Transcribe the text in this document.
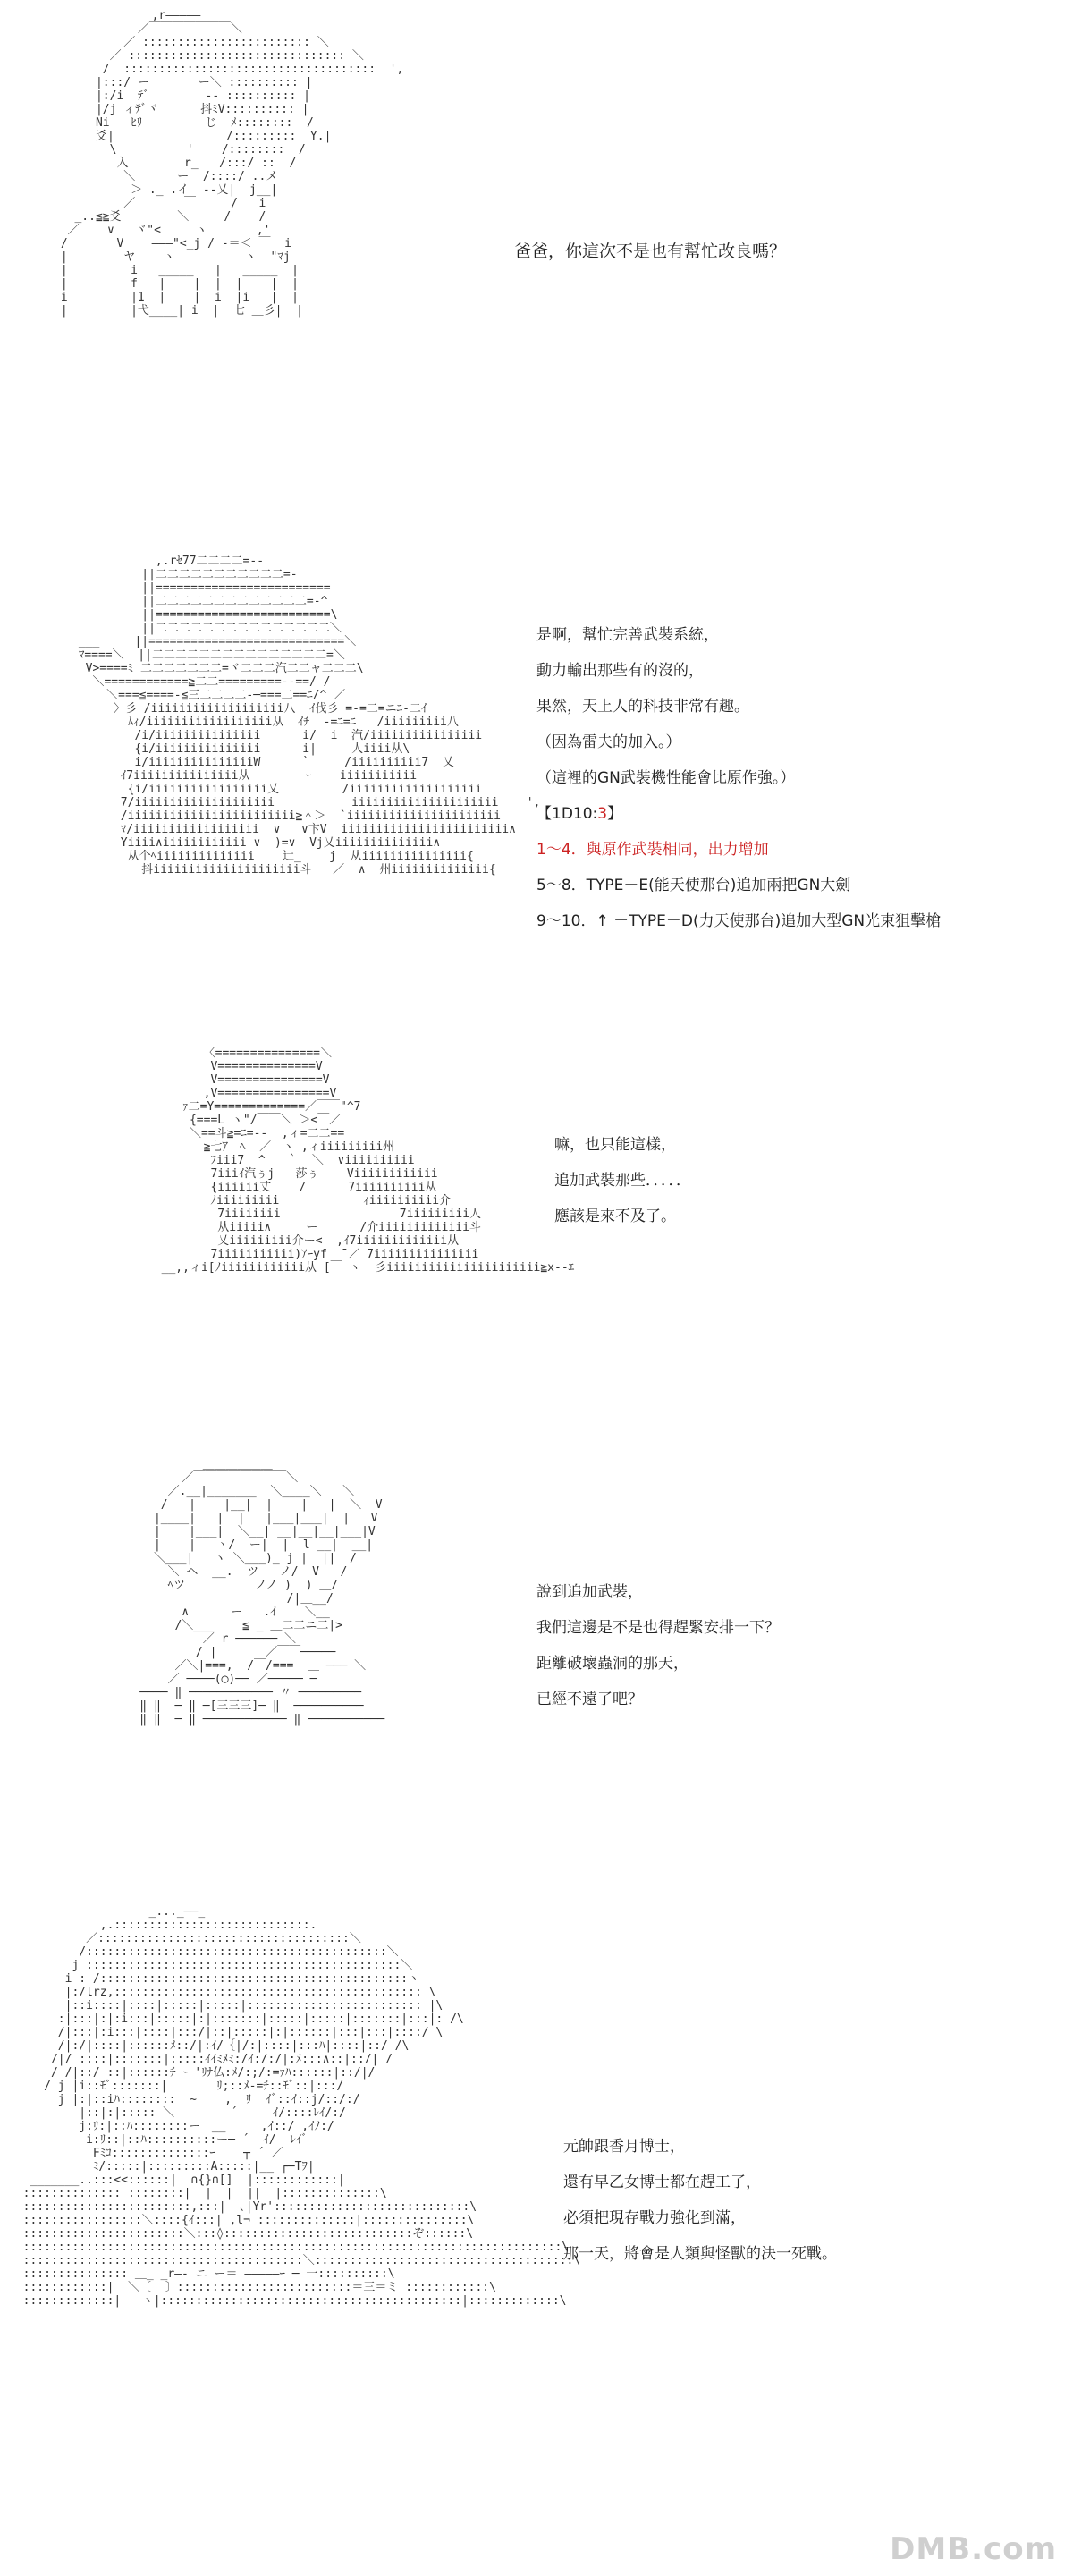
,r―――――
／￣￣￣￣￣￣￣＼
／ :::::::::::::::::::::::: ＼
／ ::::::::::::::::::::::::::::::: ＼
/  ::::::::::::::::::::::::::::::::::::  ',
|:::/ ー       ー＼ :::::::::: |
|:/i  ﾃﾞ        -‐ :::::::::: |
|/j ィﾃﾞヾ      抖ﾐV:::::::::: |
Ni   ﾋﾘ         じ  ﾒ::::::::  /
爻|                /:::::::::  Y.|
\          '    /::::::::  /
入        r_   /:::/ ::  /
＼      ー  /::::/ ..メ
＞ ._ .イ  --乂|  j__|
／       ￣     /   i
_..≦≧爻        ＼     /    /
／    ∨   ヾ"<     ヽ       ,'
/       V    ―――"<_j / ‐＝＜ ￣  i
|        ヤ    ヽ          ヽ  "ﾏj
|         i   _____   |   _____  |
|         f   |    |  |  |    |  |
i         |1  |    |  i  |i   |  |
|         |弋____| i  |  七 ＿彡|  |

爸爸，你這次不是也有幫忙改良嗎？
,.rｾ77二二二二=‐-
||二二二二二二二二二二二=-
||=========================
||二二二二二二二二二二二二二=‐^
||=========================\
||二二二二二二二二二二二二二二二＼
___     ||============================＼
ﾏ====＼  ||二二二二二二二二二二二二二二二=＼
V>====ﾐ 二二二二二二二=ヾ二二二汽二二ャ二二二\
＼============≧二二=========--==/ /
＼===≦====-≦三二二二二-─===二==ﾆ/^ ／
〉彡 /iiiiiiiiiiiiiiiiiii八  ｲ伐彡 =-=二=ニﾆ-二ｲ
ﾑｨ/iiiiiiiiiiiiiiiiii从  ｲﾁ  -=ﾆ=ﾆ   /iiiiiiiii八
/i/iiiiiiiiiiiiiii      i/  i  汽/iiiiiiiiiiiiiiii
{i/iiiiiiiiiiiiiii      i|     人iiii从\
i/iiiiiiiiiiiiiiiW      `     /iiiiiiiiii7  乂
ｲ7iiiiiiiiiiiiiii从        ｰ    iiiiiiiiiii
{i/iiiiiiiiiiiiiiiii乂         /iiiiiiiiiiiiiiiiiii
7/iiiiiiiiiiiiiiiiiiii           iiiiiiiiiiiiiiiiiiiii    ',
/iiiiiiiiiiiiiiiiiiiiiiii≧＾＞  `iiiiiiiiiiiiiiiiiiiiii
ﾏ/iiiiiiiiiiiiiiiiii  ∨   ∨卞V  iiiiiiiiiiiiiiiiiiiiiiii∧
Yiiii∧iiiiiiiiiiii ∨  )=∨  Vj乂iiiiiiiiiiiiii∧
从个ﾍiiiiiiiiiiiiii    辷_    j  从iiiiiiiiiiiiiii{
抖iiiiiiiiiiiiiiiiiiiii斗   ／  ∧  州iiiiiiiiiiiiii{

是啊，幫忙完善武裝系統，
動力輸出那些有的沒的，
果然，天上人的科技非常有趣。
（因為雷夫的加入。）
（這裡的GN武裝機性能會比原作強。）
【1D10:3】
1～4．與原作武裝相同，出力增加
5～8．TYPE－E(能天使那台)追加兩把GN大劍
9～10．↑ ＋TYPE－D(力天使那台)追加大型GN光束狙擊槍
〈===============＼
V==============V
V===============V
,V================V
ｧ二=Y=============／￣￣"^7
{===L ヽ"/￣￣＼ ＞<￣／
＼==斗≧=ﾆ=--  ,ィ=二二==
≧七ｱ￣ﾍ  ／￣ヽ ,ィiiiiiiiii州
ﾌiii7  ^   ｀  ＼  ∨iiiiiiiiii
7iiiｲ汽ぅj   莎ぅ    Viiiiiiiiiiii
{iiiiii丈    /      7iiiiiiiiii从
ﾉiiiiiiiii            ｨiiiiiiiiii介
7iiiiiiii                 7iiiiiiiii人
从iiiii∧     ー      /介iiiiiiiiiiiii斗
乂iiiiiiiii介ー<  ,ｲ7iiiiiiiiiiiii从
7iiiiiiiiiii)ｱｰyf  ̄ ／ 7iiiiiiiiiiiiiii
__,,ィi[ﾉiiiiiiiiiiii从 [￣ ヽ  彡iiiiiiiiiiiiiiiiiiiiii≧x--ｴ

嘛，也只能這樣，
追加武裝那些．．．．．
應該是來不及了。
＿＿＿＿＿＿
／￣￣￣￣￣￣￣￣＼
／.__|_______  ＼____＼   ＼
/   |    |__|  |    |   |  ＼  V
|____|   |  |   |___|___|  |   V
|    |___|  ＼__| __|__|__|___|V
|    |   ヽ/  ー|  |  l __|  __|
＼___|   ヽ ＼___)_ j |  ||  /
＼ ヘ  __.  ツ   ノ/  V   /
ﾍツ          ノノ )  ) ＿/
/|＿__/
∧      ー   .ｲ    ＼__
/＼___    ≦ _ ＿二二ニ二|>
／ r ────── ＼
/ |       ／￣￣─────
／＼|===,  /￣/===  ＿ ─── ＼
／ ────(◯)── ／───── ─
──── ‖ ──────────── 〃 ─────────
‖ ‖  ─ ‖ ─[三三三]─ ‖  ──────────
‖ ‖  ─ ‖ ──────────── ‖ ───────────

說到追加武裝，
我們這邊是不是也得趕緊安排一下？
距離破壞蟲洞的那天，
已經不遠了吧？
_..._──_
,.::::::::::::::::::::::::::::.
／::::::::::::::::::::::::::::::::::::＼
/:::::::::::::::::::::::::::::::::::::::::::＼
j :::::::::::::::::::::::::::::::::::::::::::::＼
i : /::::::::::::::::::::::::::::::::::::::::::::ヽ
|:/lrz,:::::::::::::::::::::::::::::::::::::::::::: \
|::i::::|::::|:::::|:::::|::::::::::::::::::::::::: |\
:|:::|:|:i:::|:::::|:|:::::::|:::::|:::::|:::::::|:::|: /\
/|:::|:i:::|::::|:::/|::|:::::|:|::::::|:::|:::|::::/ \
/|:/|::::|::::::ﾒ::/|:ｲ/｛|/:|::::|:::ﾊ|::::|::/ /\
/|/ ::::|:::::::|:::::ｲｲﾐﾒﾐ:/ｲ:/:/|:ﾒ:::∧::|::/| /
/ /|::/ ::|::::::ﾁ ー'ﾘﾅ仏:ﾒ/:;/:=ｧﾊ::::::|::/|/
/ j |i::ﾓﾞ:::::::|       ﾘ;::ﾒ‐=ﾁ::ﾓﾞ::|:::/
j |:|::iﾊ::::::::  ~    ,  ﾘ  ｲﾞ::ｲ::j/::/:/
|::|:|::::: ＼        ´     ｲ/::::ﾚｲ/:/
j:ﾘ:|::ﾊ::::::::ー＿__     ,ｲ::/ ,ｲﾉ:/
i:ﾘ::|::ﾊ::::::::::ー─ ´  ｲ/  ﾚｲﾞ
Fﾐｺ::::::::::::::ｰ    ┬ ´ ／
ﾐ/:::::|:::::::::A:::::|__ ┌─Tｦ|
_______..:::<<::::::|  ∩{}∩[]  |::::::::::::|
:::::::::::::: ::::::::|  |  |  ||  |::::::::::::::\
::::::::::::::::::::::::,:::|  ､|Yr'::::::::::::::::::::::::::::\
:::::::::::::::::＼::::{ｲ:::| ,l¬ ::::::::::::::|:::::::::::::::\
:::::::::::::::::::::::＼:::◊:::::::::::::::::::::::::::ぞ::::::\
:::::::::::::::::::::::::::::::::::::::::::::::::::::::::::::::::::::::::::::\
::::::::::::::::::::::::::::::::::::::::＼:::::::::::::::::::::::::::::::::::::\
::::::::::::::: ＿_ _r―‐ ニ ー＝ ―――――ｰ ─ 一::::::::::\
::::::::::::|  ＼〔  〕:::::::::::::::::::::::::＝三＝ミ ::::::::::::\
:::::::::::::|   ヽ|:::::::::::::::::::::::::::::::::::::::::::|:::::::::::::\

元帥跟香月博士，
還有早乙女博士都在趕工了，
必須把現存戰力強化到滿，
那一天，將會是人類與怪獸的決一死戰。
DMB.com
